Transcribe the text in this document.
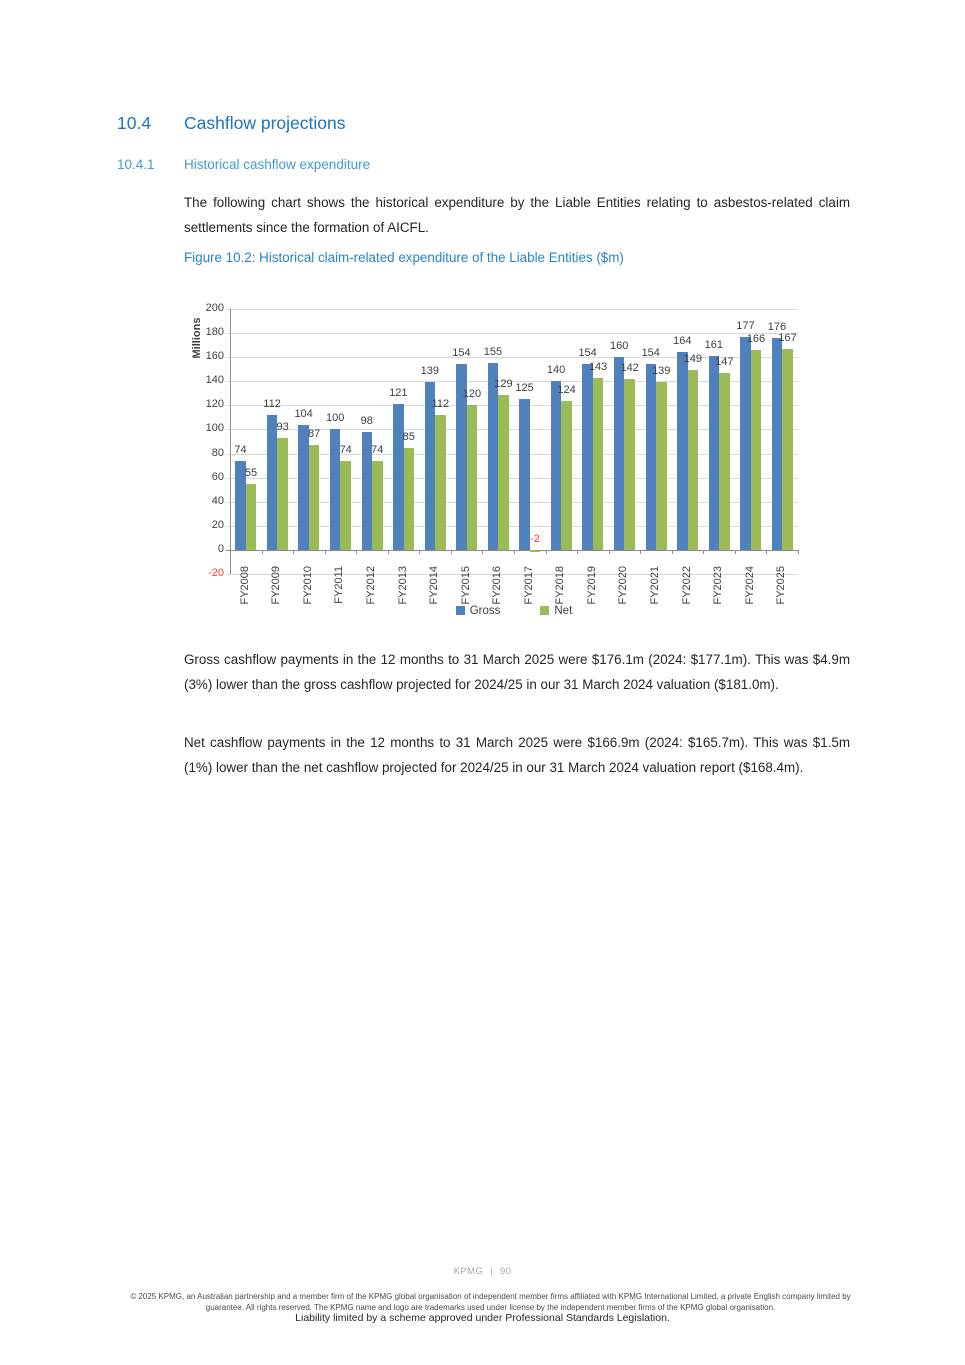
10.4 Cashflow projections
10.4.1 Historical cashflow expenditure

The following chart shows the historical expenditure by the Liable Entities relating to asbestos-related claim settlements since the formation of AICFL.

Figure 10.2: Historical claim-related expenditure of the Liable Entities ($m)

200
180
160
140
120
100
80
60
40
20
0
-20
74
55
FY2008
112
93
FY2009
104
87
FY2010
100
74
FY2011
98
74
FY2012
121
85
FY2013
139
112
FY2014
154
120
FY2015
155
129
FY2016
125
-2
FY2017
140
124
FY2018
154
143
FY2019
160
142
FY2020
154
139
FY2021
164
149
FY2022
161
147
FY2023
177
166
FY2024
176
167
FY2025
Millions
Gross	Net

Gross cashflow payments in the 12 months to 31 March 2025 were $176.1m (2024: $177.1m). This was $4.9m (3%) lower than the gross cashflow projected for 2024/25 in our 31 March 2024 valuation ($181.0m).

Net cashflow payments in the 12 months to 31 March 2025 were $166.9m (2024: $165.7m). This was $1.5m (1%) lower than the net cashflow projected for 2024/25 in our 31 March 2024 valuation report ($168.4m).

KPMG | 90
© 2025 KPMG, an Australian partnership and a member firm of the KPMG global organisation of independent member firms affiliated with KPMG International Limited, a private English company limited by guarantee. All rights reserved. The KPMG name and logo are trademarks used under license by the independent member firms of the KPMG global organisation.
Liability limited by a scheme approved under Professional Standards Legislation.
